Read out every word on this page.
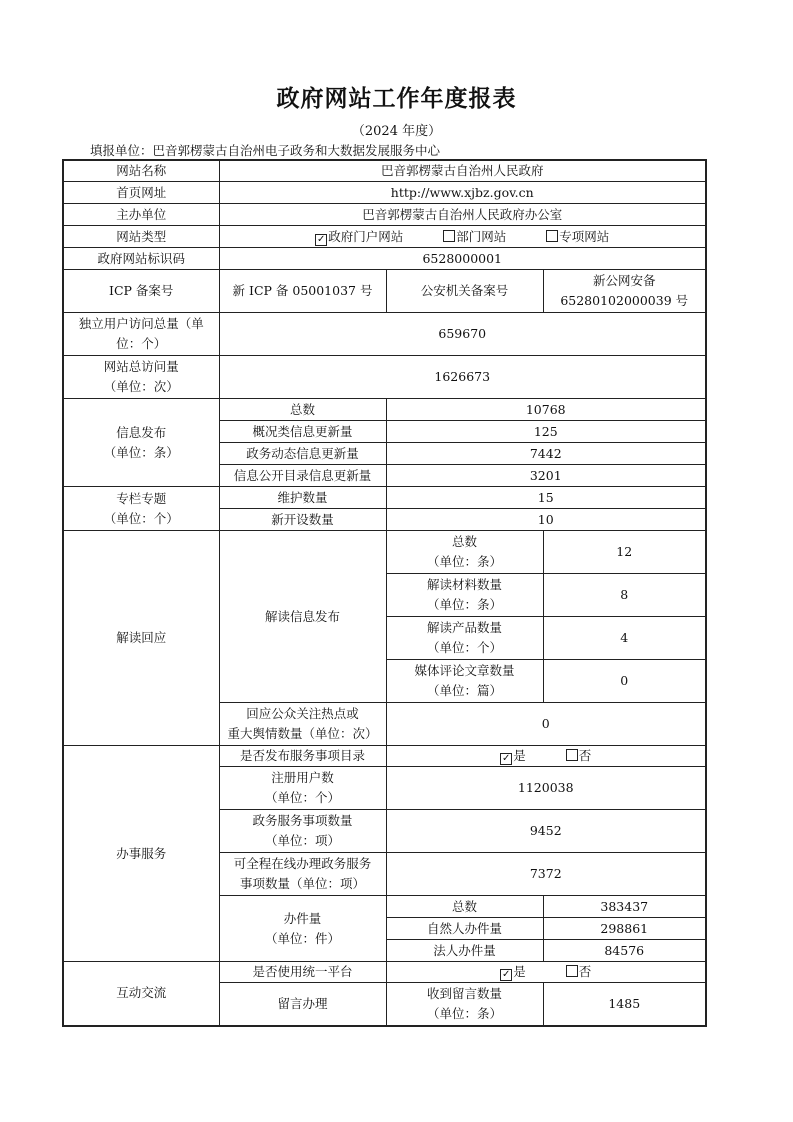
政府网站工作年度报表
（2024 年度）
填报单位：巴音郭楞蒙古自治州电子政务和大数据发展服务中心
网站名称	巴音郭楞蒙古自治州人民政府		
首页网址	http://www.xjbz.gov.cn		
主办单位	巴音郭楞蒙古自治州人民政府办公室		
网站类型	✓ 政府门户网站 部门网站 专项网站		
政府网站标识码	6528000001		
ICP 备案号	新 ICP 备 05001037 号	公安机关备案号	新公网安备
65280102000039 号

独立用户访问总量（单
位：个）	659670		

网站总访问量
（单位：次）	1626673		

信息发布
（单位：条）	总数	10768	
	概况类信息更新量	125	
	政务动态信息更新量	7442	
	信息公开目录信息更新量	3201	

专栏专题
（单位：个）	维护数量	15	
	新开设数量	10	
解读回应	解读信息发布	总数
（单位：条）	12

		解读材料数量
（单位：条）	8

		解读产品数量
（单位：个）	4

		媒体评论文章数量
（单位：篇）	0

	回应公众关注热点或
重大舆情数量（单位：次）	0	
办事服务	是否发布服务事项目录	✓ 是 否	

	注册用户数
（单位：个）	1120038	

	政务服务事项数量
（单位：项）	9452	

	可全程在线办理政务服务
事项数量（单位：项）	7372	

	办件量
（单位：件）	总数	383437
		自然人办件量	298861
		法人办件量	84576
互动交流	是否使用统一平台	✓ 是 否	
	留言办理	收到留言数量
（单位：条）	1485
